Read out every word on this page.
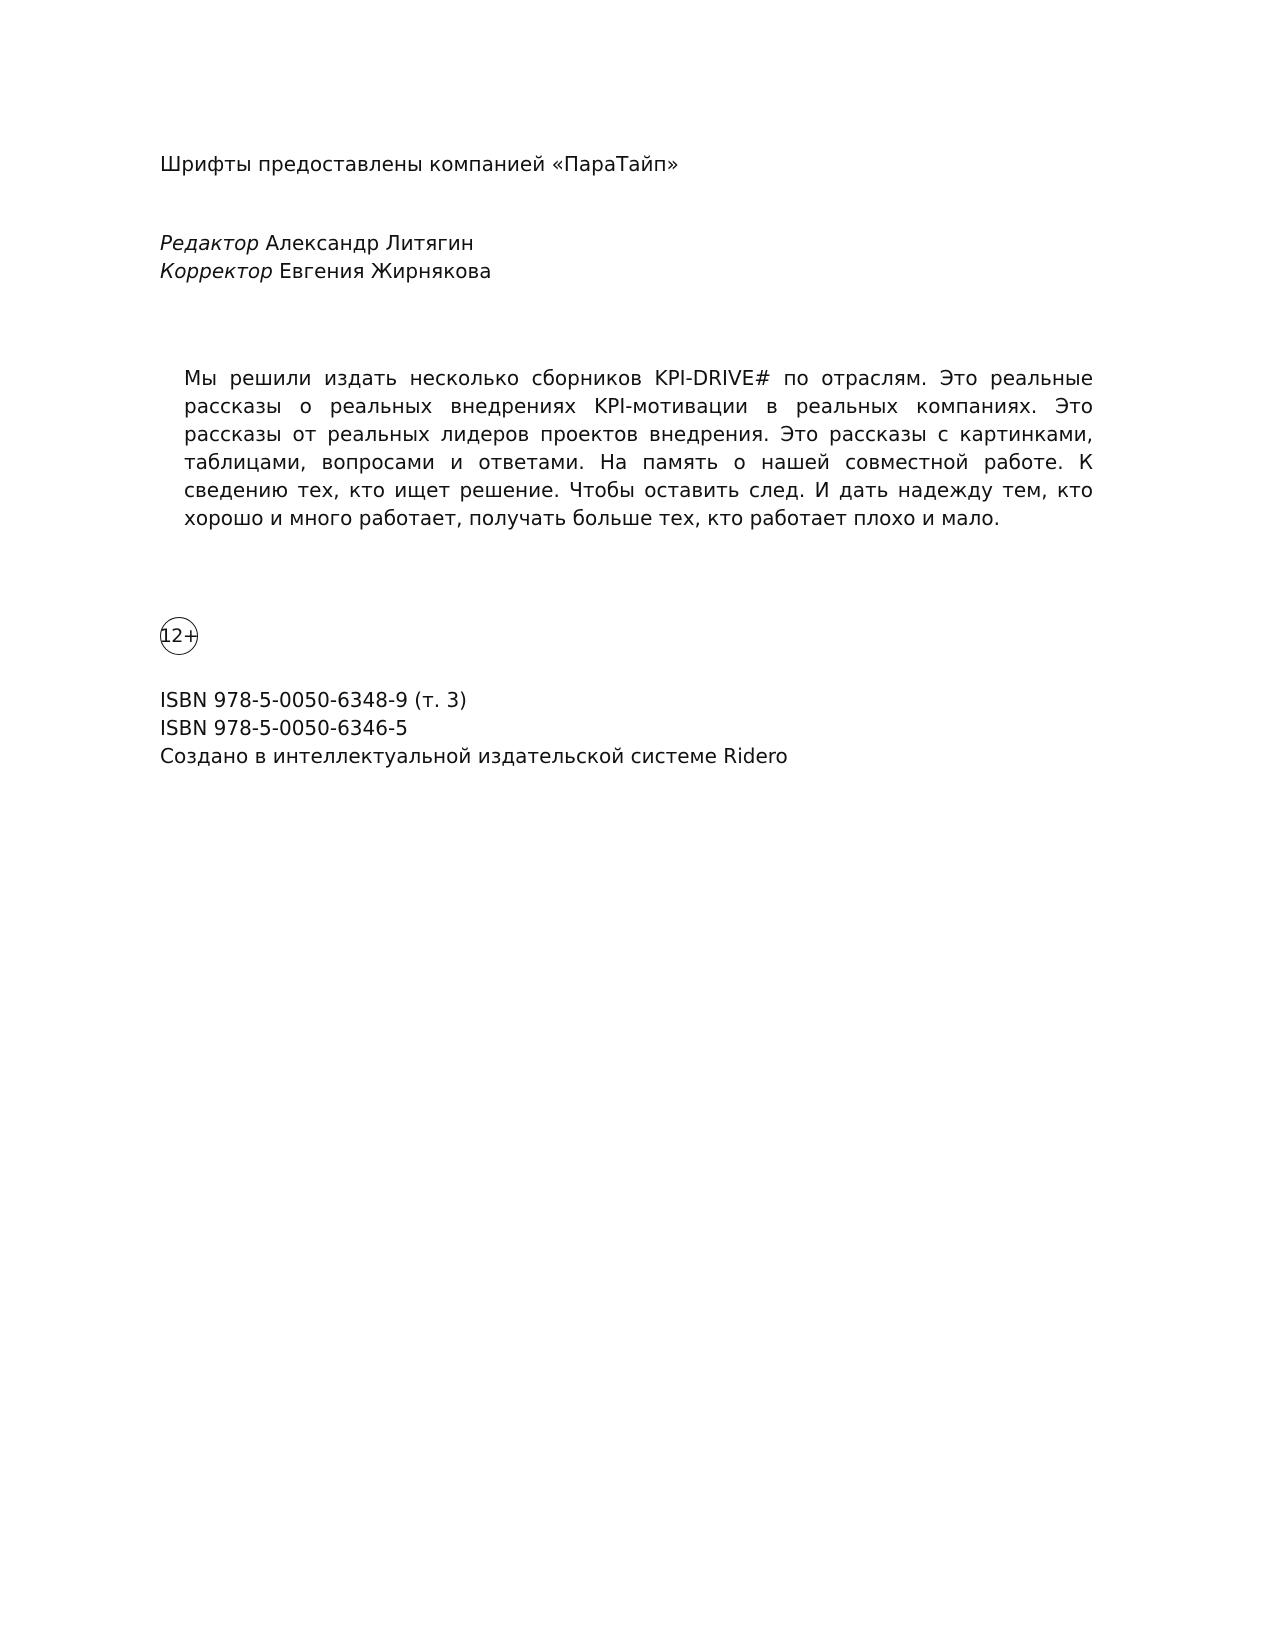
Шрифты предоставлены компанией «ПараТайп»
Редактор Александр Литягин
Корректор Евгения Жирнякова
Мы решили издать несколько сборников KPI-DRIVE# по отраслям. Это реальные рассказы о реальных внедрениях KPI-мотивации в реальных компаниях. Это рассказы от реальных лидеров проектов внедрения. Это рассказы с картинками, таблицами, вопросами и ответами. На память о нашей совместной работе. К сведению тех, кто ищет решение. Чтобы оставить след. И дать надежду тем, кто хорошо и много работает, получать больше тех, кто работает плохо и мало.
12+
ISBN 978-5-0050-6348-9 (т. 3)
ISBN 978-5-0050-6346-5
Создано в интеллектуальной издательской системе Ridero
